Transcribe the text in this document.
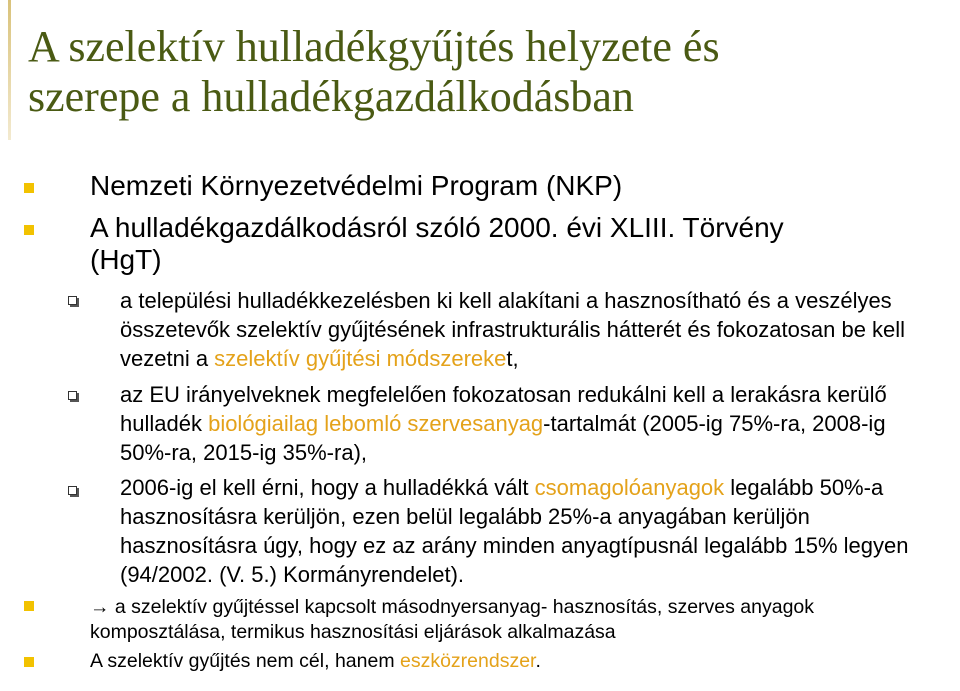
A szelektív hulladékgyűjtés helyzete és
szerepe a hulladékgazdálkodásban
Nemzeti Környezetvédelmi Program (NKP)
A hulladékgazdálkodásról szóló 2000. évi XLIII. Törvény
(HgT)
a települési hulladékkezelésben ki kell alakítani a hasznosítható és a veszélyes összetevők szelektív gyűjtésének infrastrukturális hátterét és fokozatosan be kell vezetni a szelektív gyűjtési módszereket,
az EU irányelveknek megfelelően fokozatosan redukálni kell a lerakásra kerülő hulladék biológiailag lebomló szervesanyag-tartalmát (2005-ig 75%-ra, 2008-ig 50%-ra, 2015-ig 35%-ra),
2006-ig el kell érni, hogy a hulladékká vált csomagolóanyagok legalább 50%-a hasznosításra kerüljön, ezen belül legalább 25%-a anyagában kerüljön hasznosításra úgy, hogy ez az arány minden anyagtípusnál legalább 15% legyen (94/2002. (V. 5.) Kormányrendelet).
→ a szelektív gyűjtéssel kapcsolt másodnyersanyag- hasznosítás, szerves anyagok komposztálása, termikus hasznosítási eljárások alkalmazása
A szelektív gyűjtés nem cél, hanem eszközrendszer.
